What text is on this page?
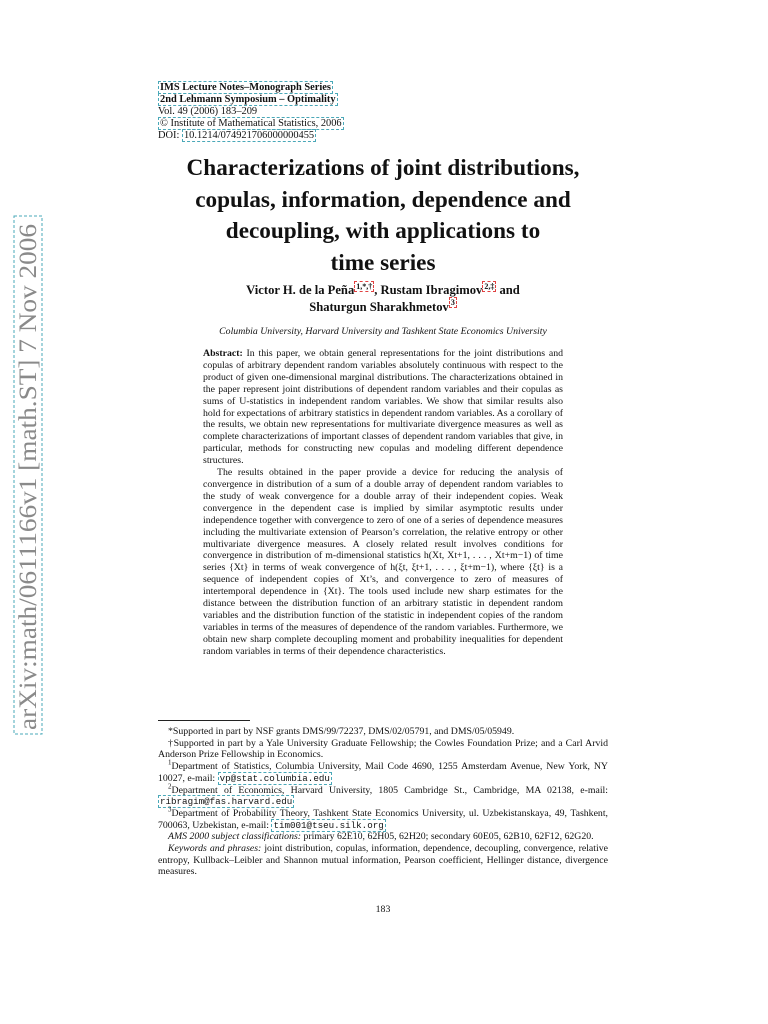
arXiv:math/0611166v1 [math.ST] 7 Nov 2006
IMS Lecture Notes–Monograph Series
2nd Lehmann Symposium – Optimality
Vol. 49 (2006) 183–209
© Institute of Mathematical Statistics, 2006
DOI: 10.1214/074921706000000455
Characterizations of joint distributions,
copulas, information, dependence and
decoupling, with applications to
time series
Victor H. de la Peña $^{1,*,\dagger}$ , Rustam Ibragimov $^{2,\ddagger}$ and
Shaturgun Sharakhmetov $^3$
Columbia University, Harvard University and Tashkent State Economics University

Abstract: In this paper, we obtain general representations for the joint distributions and copulas of arbitrary dependent random variables absolutely continuous with respect to the product of given one-dimensional marginal distributions. The characterizations obtained in the paper represent joint distributions of dependent random variables and their copulas as sums of U-statistics in independent random variables. We show that similar results also hold for expectations of arbitrary statistics in dependent random variables. As a corollary of the results, we obtain new representations for multivariate divergence measures as well as complete characterizations of important classes of dependent random variables that give, in particular, methods for constructing new copulas and modeling different dependence structures.

The results obtained in the paper provide a device for reducing the analysis of convergence in distribution of a sum of a double array of dependent random variables to the study of weak convergence for a double array of their independent copies. Weak convergence in the dependent case is implied by similar asymptotic results under independence together with convergence to zero of one of a series of dependence measures including the multivariate extension of Pearson’s correlation, the relative entropy or other multivariate divergence measures. A closely related result involves conditions for convergence in distribution of m-dimensional statistics h(Xt, Xt+1, . . . , Xt+m−1) of time series {Xt} in terms of weak convergence of h(ξt, ξt+1, . . . , ξt+m−1), where {ξt} is a sequence of independent copies of Xt’s, and convergence to zero of measures of intertemporal dependence in {Xt}. The tools used include new sharp estimates for the distance between the distribution function of an arbitrary statistic in dependent random variables and the distribution function of the statistic in independent copies of the random variables in terms of the measures of dependence of the random variables. Furthermore, we obtain new sharp complete decoupling moment and probability inequalities for dependent random variables in terms of their dependence characteristics.

*Supported in part by NSF grants DMS/99/72237, DMS/02/05791, and DMS/05/05949.

†Supported in part by a Yale University Graduate Fellowship; the Cowles Foundation Prize; and a Carl Arvid Anderson Prize Fellowship in Economics.

$^1$Department of Statistics, Columbia University, Mail Code 4690, 1255 Amsterdam Avenue, New York, NY 10027, e-mail: vp@stat.columbia.edu

$^2$Department of Economics, Harvard University, 1805 Cambridge St., Cambridge, MA 02138, e-mail: ribragim@fas.harvard.edu

$^3$Department of Probability Theory, Tashkent State Economics University, ul. Uzbekistanskaya, 49, Tashkent, 700063, Uzbekistan, e-mail: tim001@tseu.silk.org

AMS 2000 subject classifications: primary 62E10, 62H05, 62H20; secondary 60E05, 62B10, 62F12, 62G20.

Keywords and phrases: joint distribution, copulas, information, dependence, decoupling, convergence, relative entropy, Kullback–Leibler and Shannon mutual information, Pearson coefficient, Hellinger distance, divergence measures.

183
